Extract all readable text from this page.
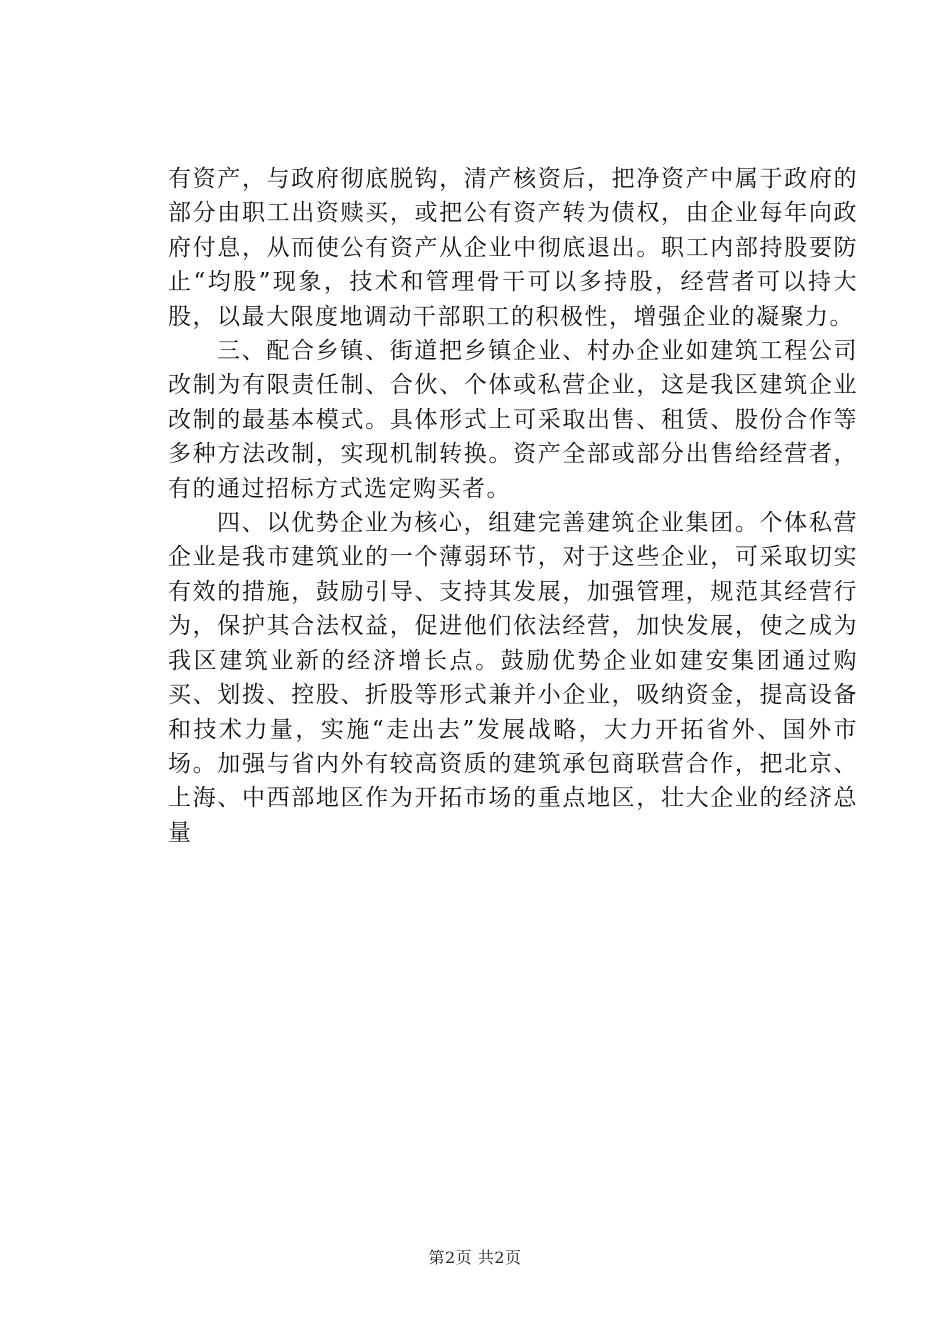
有资产，与政府彻底脱钩，清产核资后，把净资产中属于政府的部分由职工出资赎买，或把公有资产转为债权，由企业每年向政府付息，从而使公有资产从企业中彻底退出。职工内部持股要防止“均股”现象，技术和管理骨干可以多持股，经营者可以持大股，以最大限度地调动干部职工的积极性，增强企业的凝聚力。

三、配合乡镇、街道把乡镇企业、村办企业如建筑工程公司改制为有限责任制、合伙、个体或私营企业，这是我区建筑企业改制的最基本模式。具体形式上可采取出售、租赁、股份合作等多种方法改制，实现机制转换。资产全部或部分出售给经营者，有的通过招标方式选定购买者。

四、以优势企业为核心，组建完善建筑企业集团。个体私营企业是我市建筑业的一个薄弱环节，对于这些企业，可采取切实有效的措施，鼓励引导、支持其发展，加强管理，规范其经营行为，保护其合法权益，促进他们依法经营，加快发展，使之成为我区建筑业新的经济增长点。鼓励优势企业如建安集团通过购买、划拨、控股、折股等形式兼并小企业，吸纳资金，提高设备和技术力量，实施“走出去”发展战略，大力开拓省外、国外市场。加强与省内外有较高资质的建筑承包商联营合作，把北京、上海、中西部地区作为开拓市场的重点地区，壮大企业的经济总量

第2页 共2页
